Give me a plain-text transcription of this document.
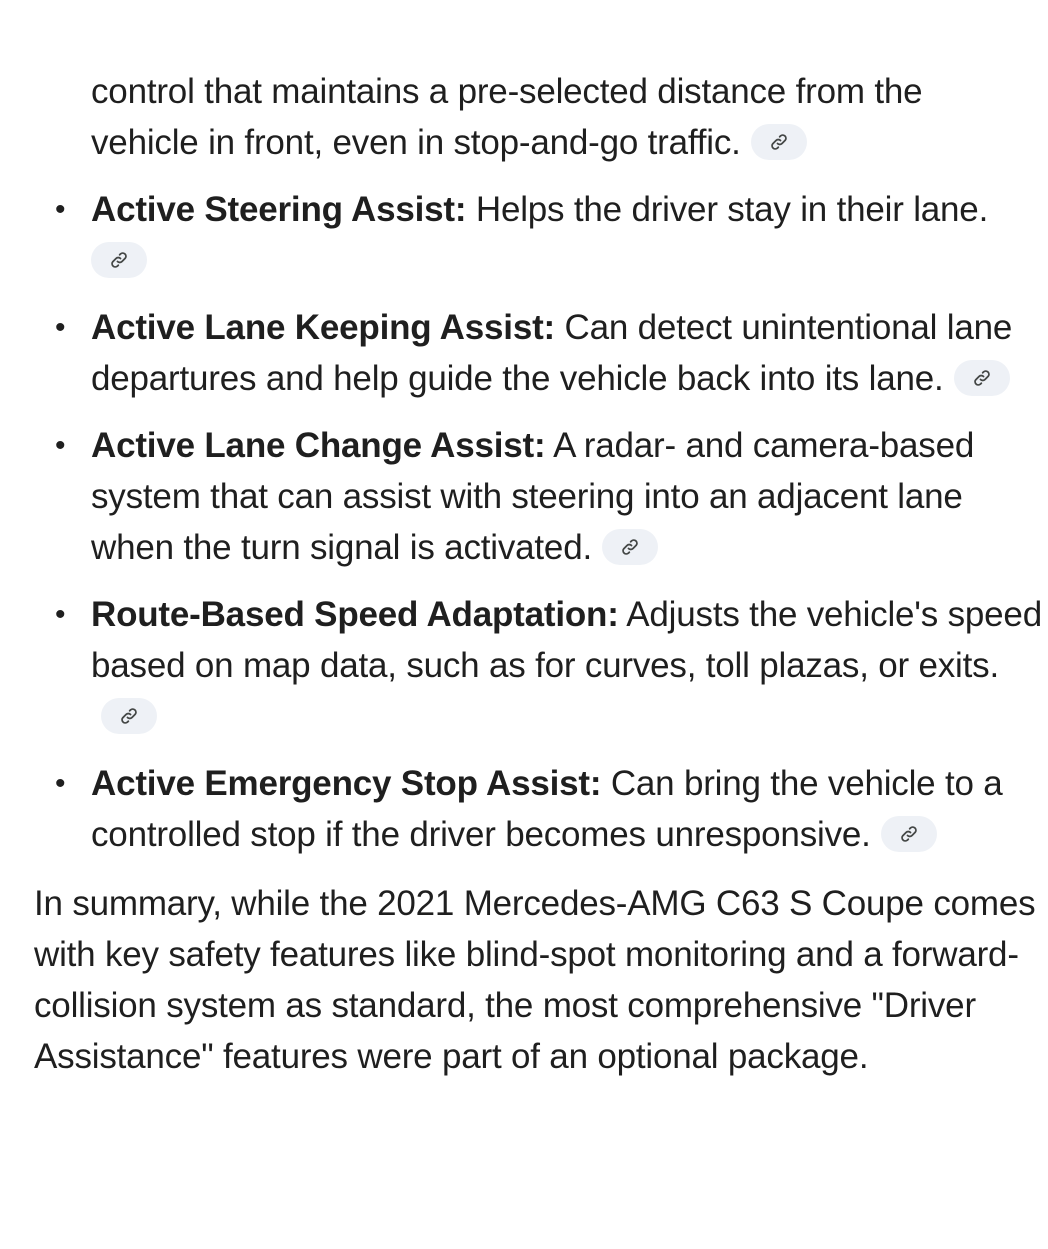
control that maintains a pre-selected distance from the vehicle in front, even in stop-and-go traffic.
• Active Steering Assist: Helps the driver stay in their lane.

• Active Lane Keeping Assist: Can detect unintentional lane departures and help guide the vehicle back into its lane.
• Active Lane Change Assist: A radar- and camera-based system that can assist with steering into an adjacent lane when the turn signal is activated.
• Route-Based Speed Adaptation: Adjusts the vehicle's speed based on map data, such as for curves, toll plazas, or exits.
• Active Emergency Stop Assist: Can bring the vehicle to a controlled stop if the driver becomes unresponsive.
In summary, while the 2021 Mercedes-AMG C63 S Coupe comes with key safety features like blind-spot monitoring and a forward-collision system as standard, the most comprehensive "Driver Assistance" features were part of an optional package.
